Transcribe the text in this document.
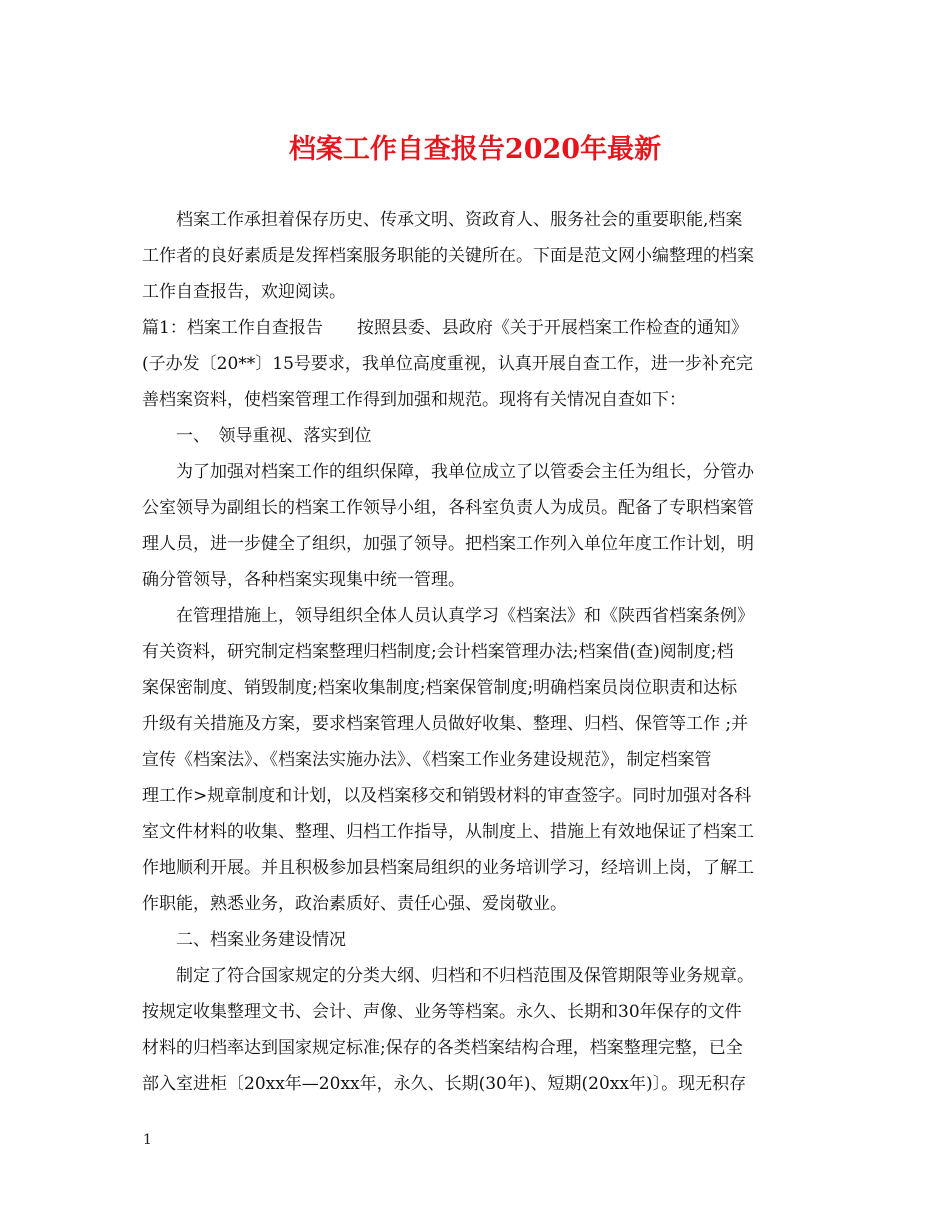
档案工作自查报告2020年最新
　　档案工作承担着保存历史、传承文明、资政育人、服务社会的重要职能,档案
工作者的良好素质是发挥档案服务职能的关键所在。下面是范文网小编整理的档案
工作自查报告，欢迎阅读。
篇1：档案工作自查报告　　按照县委、县政府《关于开展档案工作检查的通知》
(子办发〔20**〕15号要求，我单位高度重视，认真开展自查工作，进一步补充完
善档案资料，使档案管理工作得到加强和规范。现将有关情况自查如下：
　　一、　领导重视、落实到位
　　为了加强对档案工作的组织保障，我单位成立了以管委会主任为组长，分管办
公室领导为副组长的档案工作领导小组，各科室负责人为成员。配备了专职档案管
理人员，进一步健全了组织，加强了领导。把档案工作列入单位年度工作计划，明
确分管领导，各种档案实现集中统一管理。
　　在管理措施上，领导组织全体人员认真学习《档案法》和《陕西省档案条例》
有关资料，研究制定档案整理归档制度;会计档案管理办法;档案借(查)阅制度;档
案保密制度、销毁制度;档案收集制度;档案保管制度;明确档案员岗位职责和达标
升级有关措施及方案，要求档案管理人员做好收集、整理、归档、保管等工作 ;并
宣传《档案法》、《档案法实施办法》、《档案工作业务建设规范》，制定档案管
理工作>规章制度和计划，以及档案移交和销毁材料的审查签字。同时加强对各科
室文件材料的收集、整理、归档工作指导，从制度上、措施上有效地保证了档案工
作地顺利开展。并且积极参加县档案局组织的业务培训学习，经培训上岗，了解工
作职能，熟悉业务，政治素质好、责任心强、爱岗敬业。
　　二、档案业务建设情况
　　制定了符合国家规定的分类大纲、归档和不归档范围及保管期限等业务规章。
按规定收集整理文书、会计、声像、业务等档案。永久、长期和30年保存的文件
材料的归档率达到国家规定标准;保存的各类档案结构合理，档案整理完整，已全
部入室进柜〔20xx年—20xx年，永久、长期(30年)、短期(20xx年)〕。现无积存
1
